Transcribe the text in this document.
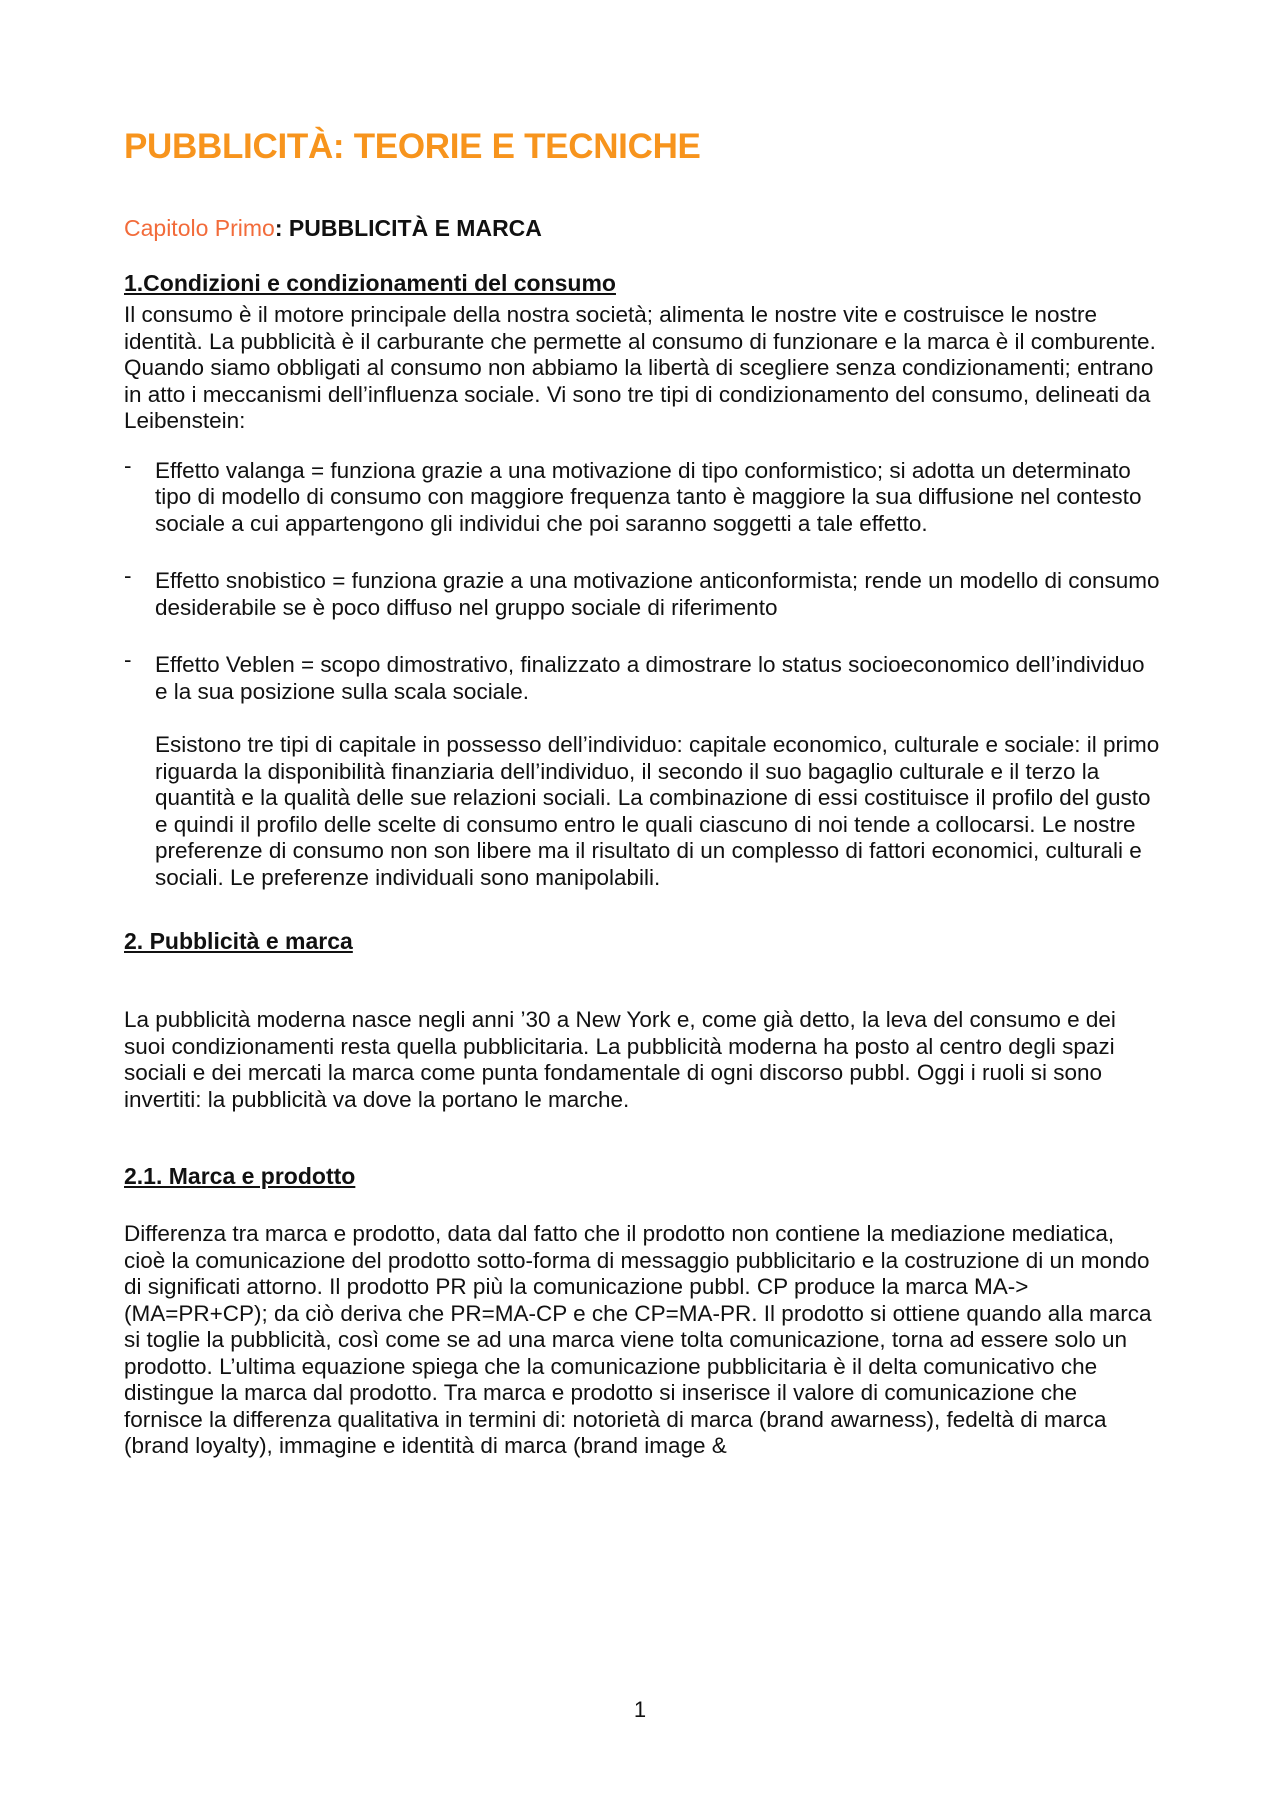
PUBBLICITÀ: TEORIE E TECNICHE
Capitolo Primo: PUBBLICITÀ E MARCA
1.Condizioni e condizionamenti del consumo

Il consumo è il motore principale della nostra società; alimenta le nostre vite e costruisce le nostre identità. La pubblicità è il carburante che permette al consumo di funzionare e la marca è il comburente. Quando siamo obbligati al consumo non abbiamo la libertà di scegliere senza condizionamenti; entrano in atto i meccanismi dell’influenza sociale. Vi sono tre tipi di condizionamento del consumo, delineati da Leibenstein:

- Effetto valanga = funziona grazie a una motivazione di tipo conformistico; si adotta un determinato tipo di modello di consumo con maggiore frequenza tanto è maggiore la sua diffusione nel contesto sociale a cui appartengono gli individui che poi saranno soggetti a tale effetto.
- Effetto snobistico = funziona grazie a una motivazione anticonformista; rende un modello di consumo desiderabile se è poco diffuso nel gruppo sociale di riferimento
- Effetto Veblen = scopo dimostrativo, finalizzato a dimostrare lo status socioeconomico dell’individuo e la sua posizione sulla scala sociale.

Esistono tre tipi di capitale in possesso dell’individuo: capitale economico, culturale e sociale: il primo riguarda la disponibilità finanziaria dell’individuo, il secondo il suo bagaglio culturale e il terzo la quantità e la qualità delle sue relazioni sociali. La combinazione di essi costituisce il profilo del gusto e quindi il profilo delle scelte di consumo entro le quali ciascuno di noi tende a collocarsi. Le nostre preferenze di consumo non son libere ma il risultato di un complesso di fattori economici, culturali e sociali. Le preferenze individuali sono manipolabili.

2. Pubblicità e marca

La pubblicità moderna nasce negli anni ’30 a New York e, come già detto, la leva del consumo e dei suoi condizionamenti resta quella pubblicitaria. La pubblicità moderna ha posto al centro degli spazi sociali e dei mercati la marca come punta fondamentale di ogni discorso pubbl. Oggi i ruoli si sono invertiti: la pubblicità va dove la portano le marche.

2.1. Marca e prodotto

Differenza tra marca e prodotto, data dal fatto che il prodotto non contiene la mediazione mediatica, cioè la comunicazione del prodotto sotto-forma di messaggio pubblicitario e la costruzione di un mondo di significati attorno. Il prodotto PR più la comunicazione pubbl. CP produce la marca MA->(MA=PR+CP); da ciò deriva che PR=MA-CP e che CP=MA-PR. Il prodotto si ottiene quando alla marca si toglie la pubblicità, così come se ad una marca viene tolta comunicazione, torna ad essere solo un prodotto. L’ultima equazione spiega che la comunicazione pubblicitaria è il delta comunicativo che distingue la marca dal prodotto. Tra marca e prodotto si inserisce il valore di comunicazione che fornisce la differenza qualitativa in termini di: notorietà di marca (brand awarness), fedeltà di marca (brand loyalty), immagine e identità di marca (brand image &

1
